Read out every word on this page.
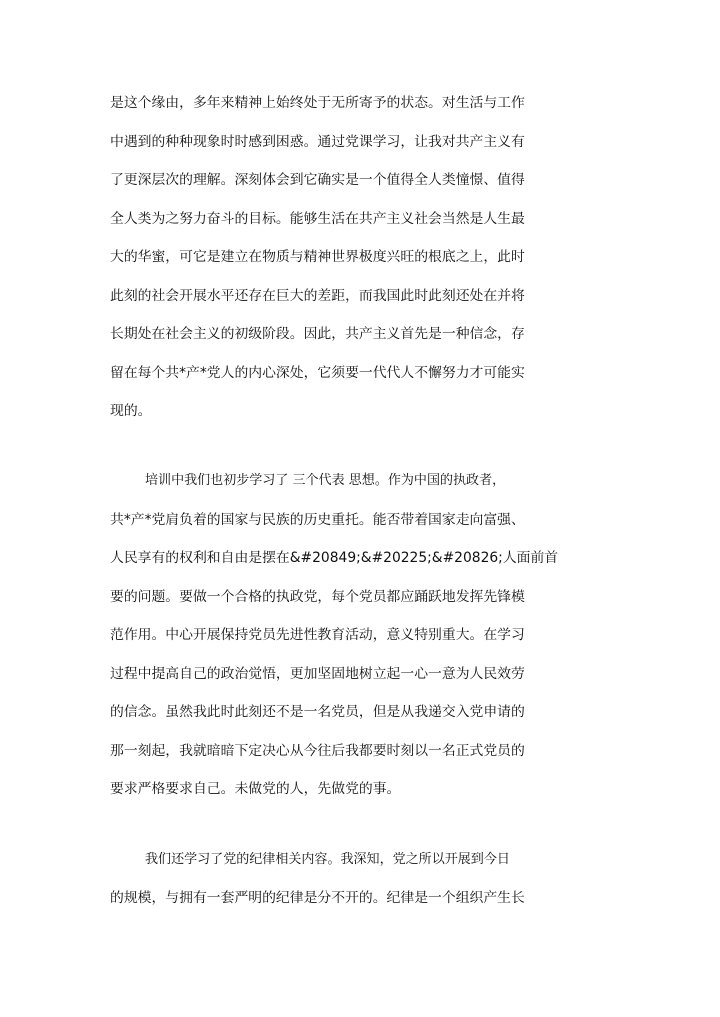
是这个缘由，多年来精神上始终处于无所寄予的状态。对生活与工作
中遇到的种种现象时时感到困惑。通过党课学习，让我对共产主义有
了更深层次的理解。深刻体会到它确实是一个值得全人类憧憬、值得
全人类为之努力奋斗的目标。能够生活在共产主义社会当然是人生最
大的华蜜，可它是建立在物质与精神世界极度兴旺的根底之上，此时
此刻的社会开展水平还存在巨大的差距，而我国此时此刻还处在并将
长期处在社会主义的初级阶段。因此，共产主义首先是一种信念，存
留在每个共*产*党人的内心深处，它须要一代代人不懈努力才可能实
现的。
培训中我们也初步学习了 三个代表 思想。作为中国的执政者，
共*产*党肩负着的国家与民族的历史重托。能否带着国家走向富强、
人民享有的权利和自由是摆在&#20849;&#20225;&#20826;人面前首
要的问题。要做一个合格的执政党，每个党员都应踊跃地发挥先锋模
范作用。中心开展保持党员先进性教育活动，意义特别重大。在学习
过程中提高自己的政治觉悟，更加坚固地树立起一心一意为人民效劳
的信念。虽然我此时此刻还不是一名党员，但是从我递交入党申请的
那一刻起，我就暗暗下定决心从今往后我都要时刻以一名正式党员的
要求严格要求自己。未做党的人，先做党的事。
我们还学习了党的纪律相关内容。我深知，党之所以开展到今日
的规模，与拥有一套严明的纪律是分不开的。纪律是一个组织产生长
